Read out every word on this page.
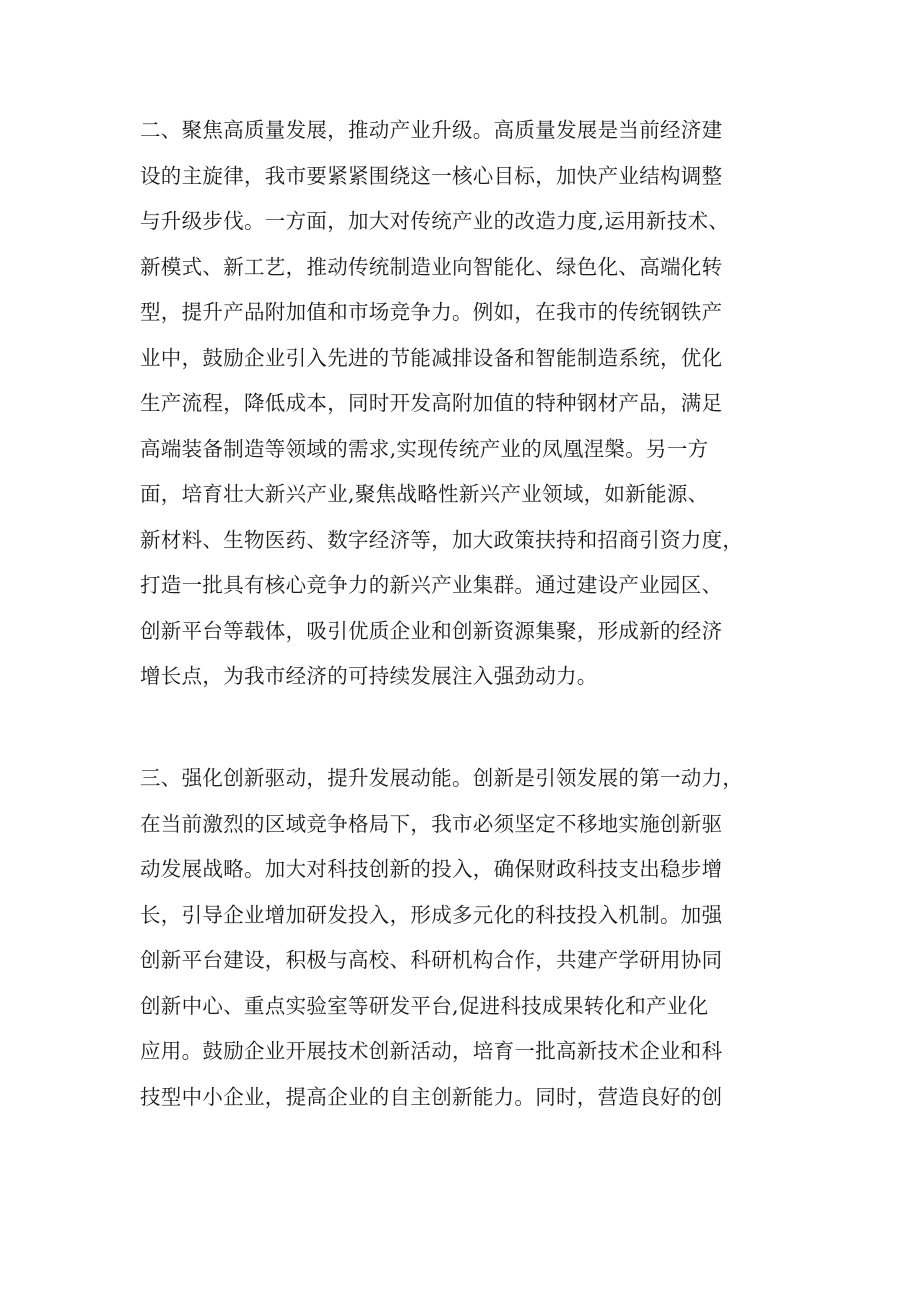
二、聚焦高质量发展，推动产业升级。高质量发展是当前经济建
设的主旋律，我市要紧紧围绕这一核心目标，加快产业结构调整
与升级步伐。一方面，加大对传统产业的改造力度,运用新技术、
新模式、新工艺，推动传统制造业向智能化、绿色化、高端化转
型，提升产品附加值和市场竞争力。例如，在我市的传统钢铁产
业中，鼓励企业引入先进的节能减排设备和智能制造系统，优化
生产流程，降低成本，同时开发高附加值的特种钢材产品，满足
高端装备制造等领域的需求,实现传统产业的凤凰涅槃。另一方
面，培育壮大新兴产业,聚焦战略性新兴产业领域，如新能源、
新材料、生物医药、数字经济等，加大政策扶持和招商引资力度，
打造一批具有核心竞争力的新兴产业集群。通过建设产业园区、
创新平台等载体，吸引优质企业和创新资源集聚，形成新的经济
增长点，为我市经济的可持续发展注入强劲动力。
三、强化创新驱动，提升发展动能。创新是引领发展的第一动力，
在当前激烈的区域竞争格局下，我市必须坚定不移地实施创新驱
动发展战略。加大对科技创新的投入，确保财政科技支出稳步增
长，引导企业增加研发投入，形成多元化的科技投入机制。加强
创新平台建设，积极与高校、科研机构合作，共建产学研用协同
创新中心、重点实验室等研发平台,促进科技成果转化和产业化
应用。鼓励企业开展技术创新活动，培育一批高新技术企业和科
技型中小企业，提高企业的自主创新能力。同时，营造良好的创
